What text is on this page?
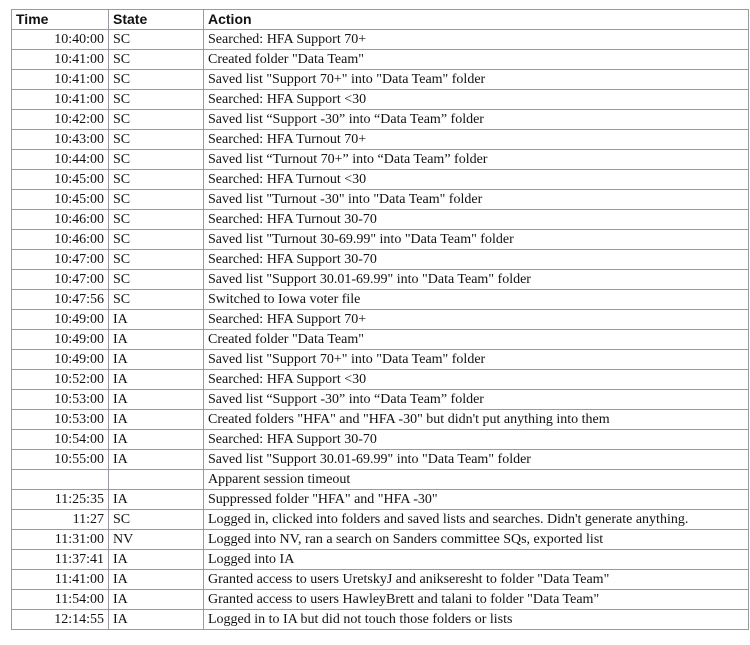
Time	State	Action
10:40:00	SC	Searched: HFA Support 70+
10:41:00	SC	Created folder "Data Team"
10:41:00	SC	Saved list "Support 70+" into "Data Team" folder
10:41:00	SC	Searched: HFA Support <30
10:42:00	SC	Saved list “Support -30” into “Data Team” folder
10:43:00	SC	Searched: HFA Turnout 70+
10:44:00	SC	Saved list “Turnout 70+” into “Data Team” folder
10:45:00	SC	Searched: HFA Turnout <30
10:45:00	SC	Saved list "Turnout -30" into "Data Team" folder
10:46:00	SC	Searched: HFA Turnout 30-70
10:46:00	SC	Saved list "Turnout 30-69.99" into "Data Team" folder
10:47:00	SC	Searched: HFA Support 30-70
10:47:00	SC	Saved list "Support 30.01-69.99" into "Data Team" folder
10:47:56	SC	Switched to Iowa voter file
10:49:00	IA	Searched: HFA Support 70+
10:49:00	IA	Created folder "Data Team"
10:49:00	IA	Saved list "Support 70+" into "Data Team" folder
10:52:00	IA	Searched: HFA Support <30
10:53:00	IA	Saved list “Support -30” into “Data Team” folder
10:53:00	IA	Created folders "HFA" and "HFA -30" but didn't put anything into them
10:54:00	IA	Searched: HFA Support 30-70
10:55:00	IA	Saved list "Support 30.01-69.99" into "Data Team" folder
		Apparent session timeout
11:25:35	IA	Suppressed folder "HFA" and "HFA -30"
11:27	SC	Logged in, clicked into folders and saved lists and searches. Didn't generate anything.
11:31:00	NV	Logged into NV, ran a search on Sanders committee SQs, exported list
11:37:41	IA	Logged into IA
11:41:00	IA	Granted access to users UretskyJ and anikseresht to folder "Data Team"
11:54:00	IA	Granted access to users HawleyBrett and talani to folder "Data Team"
12:14:55	IA	Logged in to IA but did not touch those folders or lists
